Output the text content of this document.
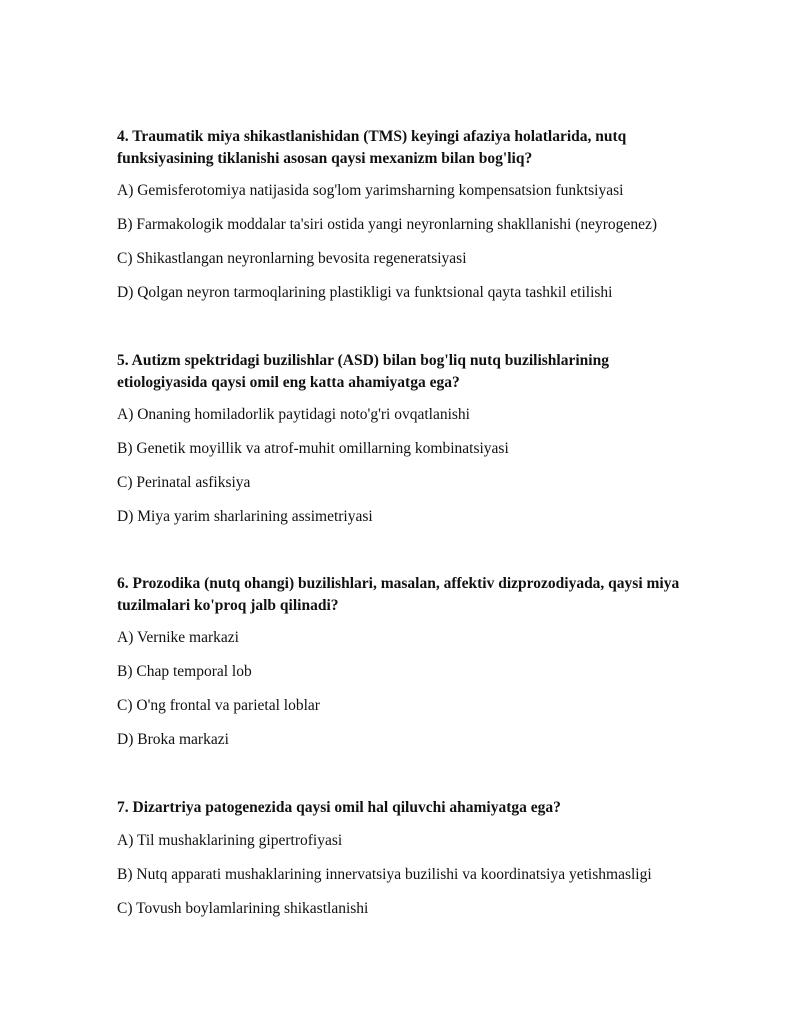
4. Traumatik miya shikastlanishidan (TMS) keyingi afaziya holatlarida, nutq funksiyasining tiklanishi asosan qaysi mexanizm bilan bog'liq?

A) Gemisferotomiya natijasida sog'lom yarimsharning kompensatsion funktsiyasi

B) Farmakologik moddalar ta'siri ostida yangi neyronlarning shakllanishi (neyrogenez)

C) Shikastlangan neyronlarning bevosita regeneratsiyasi

D) Qolgan neyron tarmoqlarining plastikligi va funktsional qayta tashkil etilishi

5. Autizm spektridagi buzilishlar (ASD) bilan bog'liq nutq buzilishlarining etiologiyasida qaysi omil eng katta ahamiyatga ega?

A) Onaning homiladorlik paytidagi noto'g'ri ovqatlanishi

B) Genetik moyillik va atrof-muhit omillarning kombinatsiyasi

C) Perinatal asfiksiya

D) Miya yarim sharlarining assimetriyasi

6. Prozodika (nutq ohangi) buzilishlari, masalan, affektiv dizprozodiyada, qaysi miya tuzilmalari ko'proq jalb qilinadi?

A) Vernike markazi

B) Chap temporal lob

C) O'ng frontal va parietal loblar

D) Broka markazi

7. Dizartriya patogenezida qaysi omil hal qiluvchi ahamiyatga ega?

A) Til mushaklarining gipertrofiyasi

B) Nutq apparati mushaklarining innervatsiya buzilishi va koordinatsiya yetishmasligi

C) Tovush boylamlarining shikastlanishi
